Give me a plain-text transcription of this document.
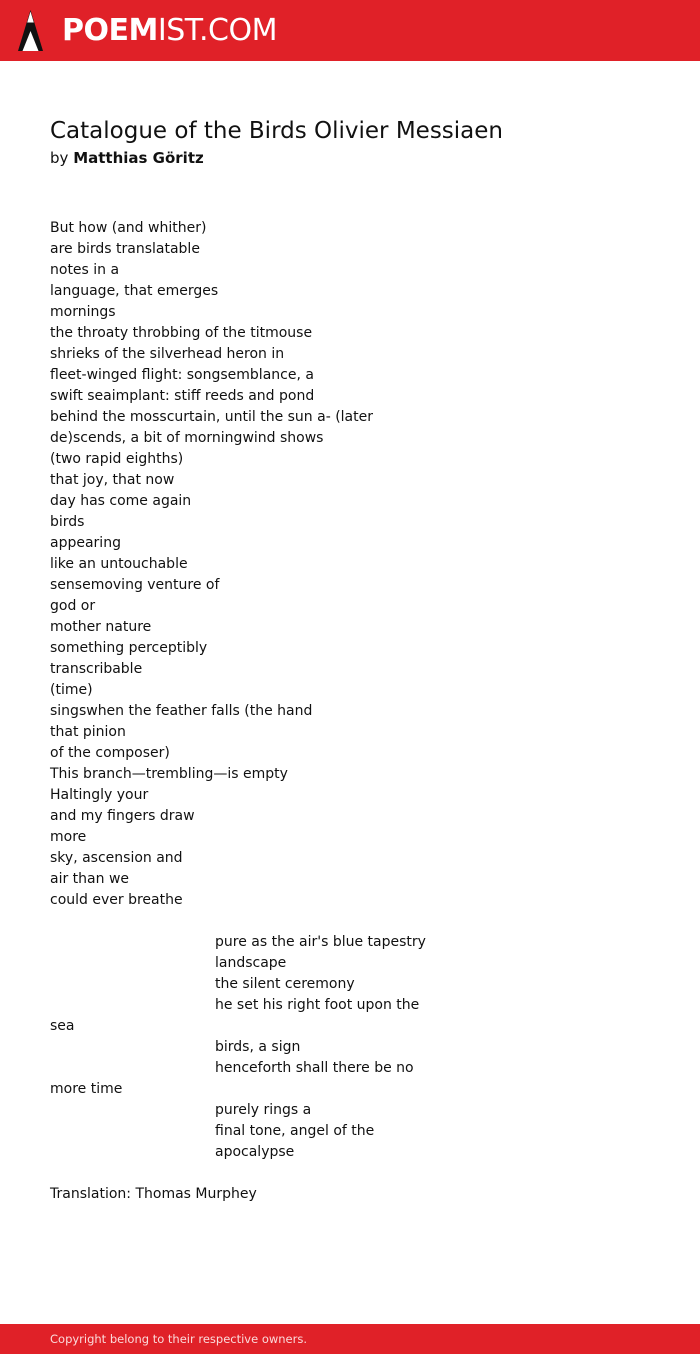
POEMIST.COM
Catalogue of the Birds Olivier Messiaen
by Matthias Göritz
But how (and whither)
are birds translatable
notes in a
language, that emerges
mornings
the throaty throbbing of the titmouse
shrieks of the silverhead heron in
fleet-winged flight: songsemblance, a
swift seaimplant: stiff reeds and pond
behind the mosscurtain, until the sun a- (later
de)scends, a bit of morningwind shows
(two rapid eighths)
that joy, that now
day has come again
birds
appearing
like an untouchable
sensemoving venture of
god or
mother nature
something perceptibly
transcribable
(time)
singswhen the feather falls (the hand
that pinion
of the composer)
This branch—trembling—is empty
Haltingly your
and my fingers draw
more
sky, ascension and
air than we
could ever breathe
pure as the air's blue tapestry
landscape
the silent ceremony
he set his right foot upon the
sea
birds, a sign
henceforth shall there be no
more time
purely rings a
final tone, angel of the
apocalypse
Translation: Thomas Murphey
Copyright belong to their respective owners.
